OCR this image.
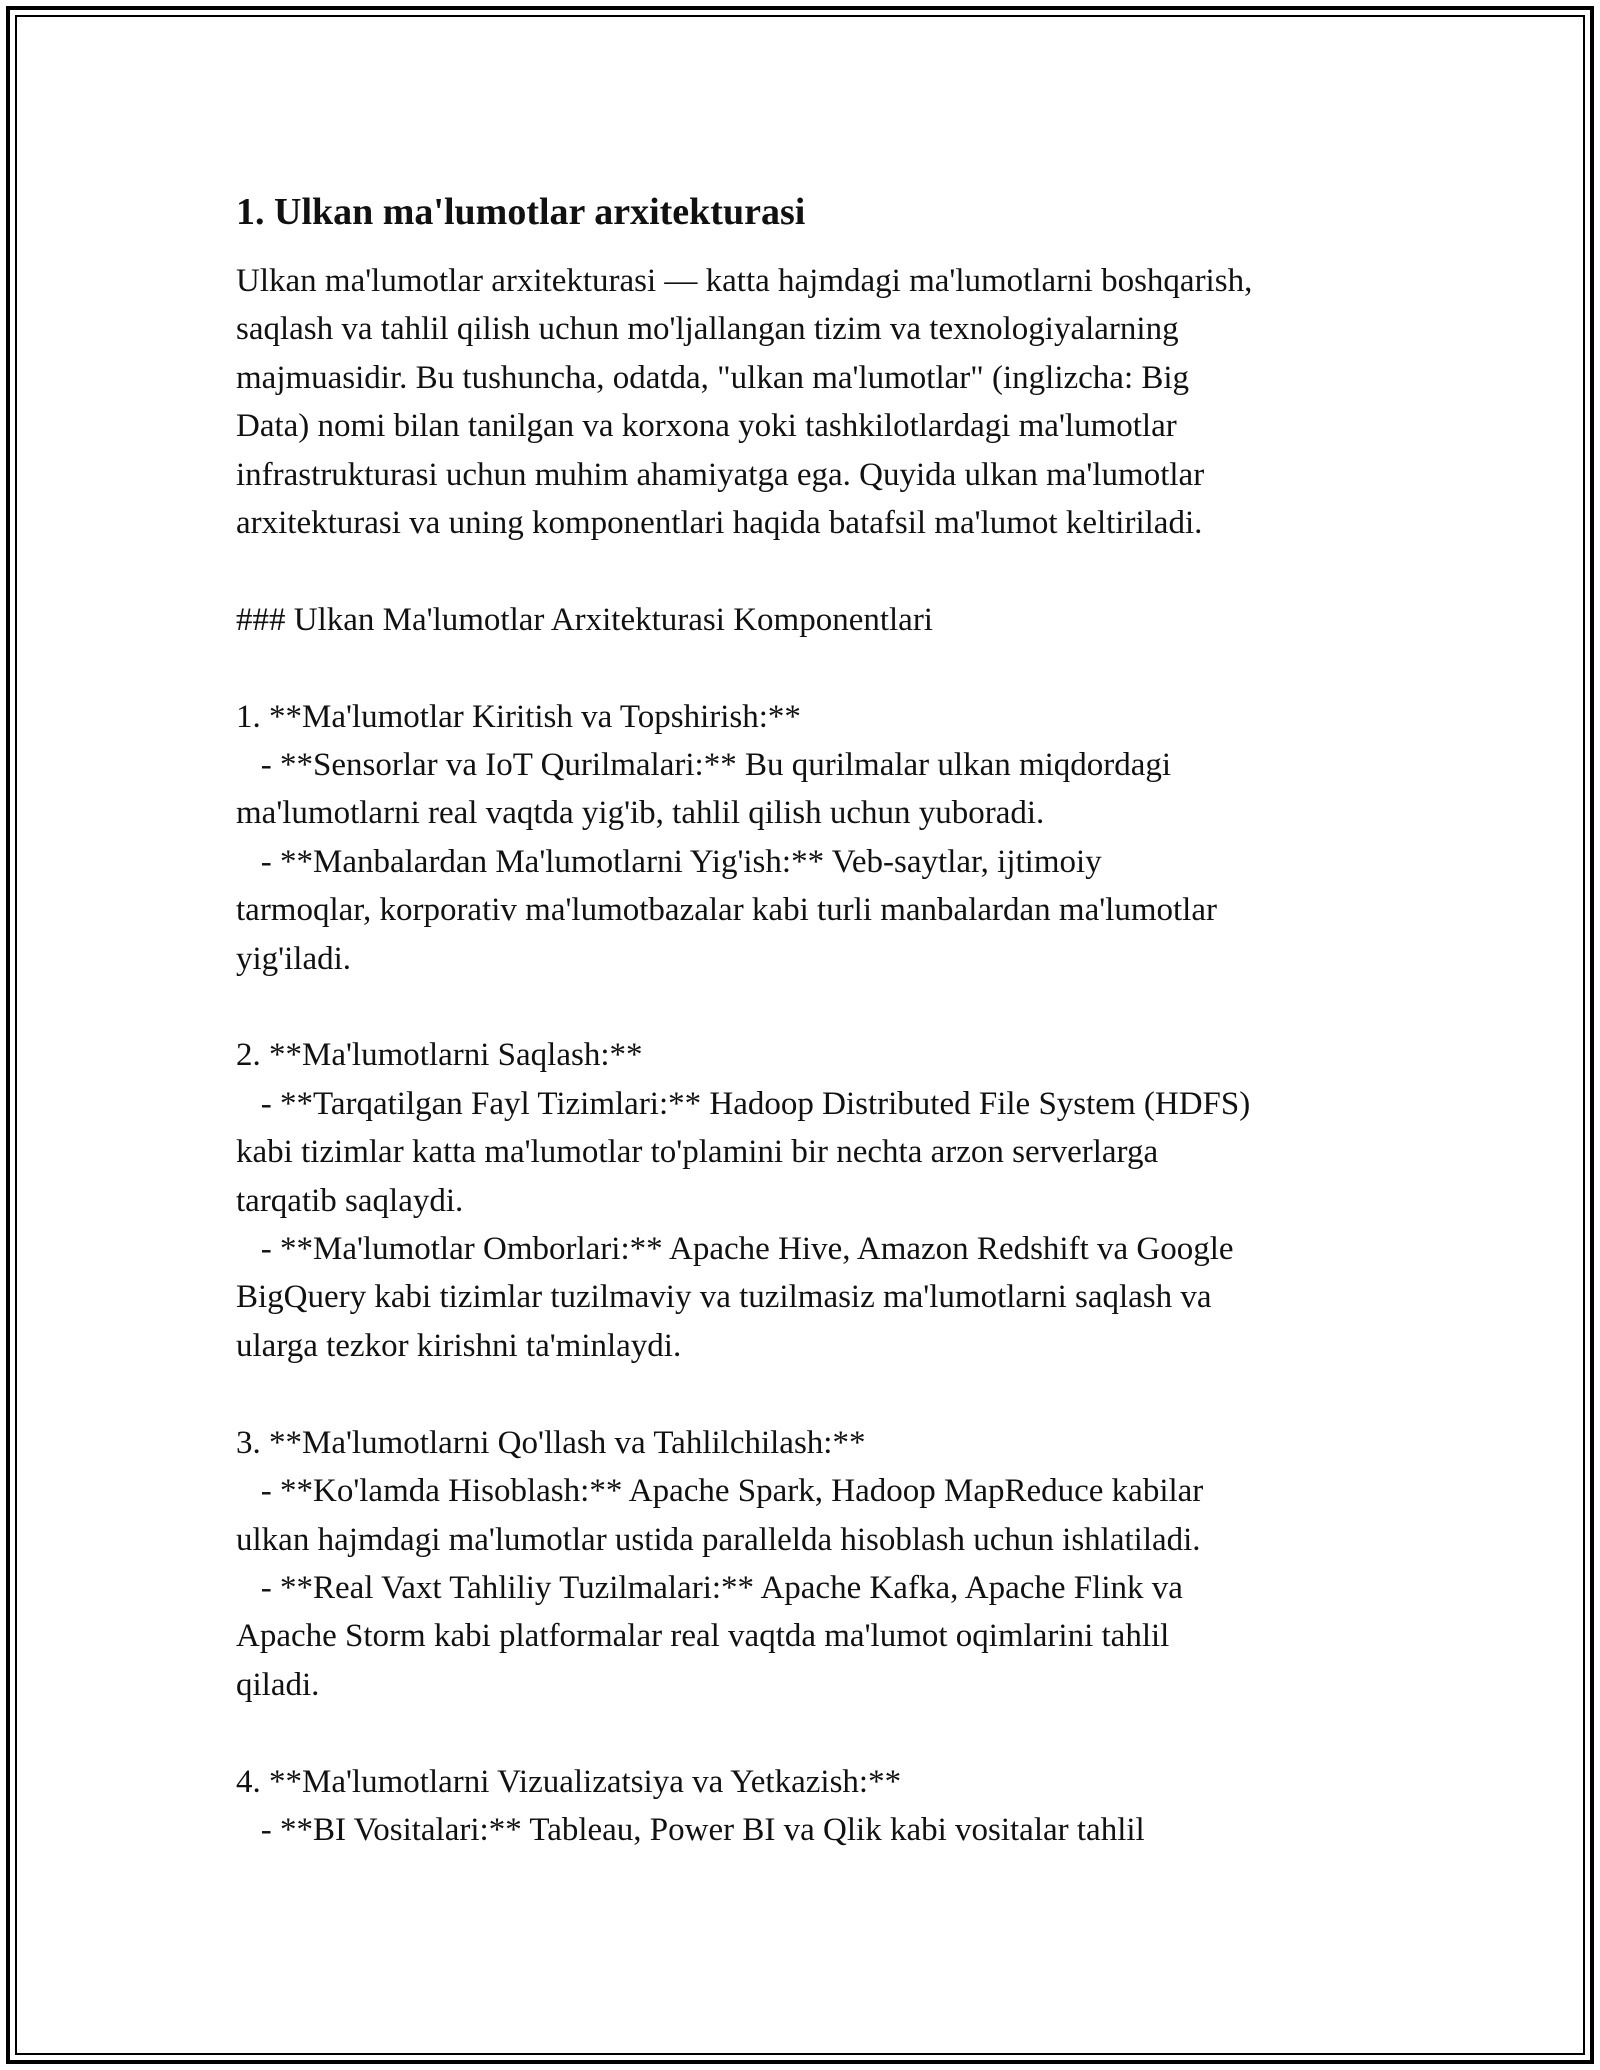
1. Ulkan ma'lumotlar arxitekturasi
Ulkan ma'lumotlar arxitekturasi — katta hajmdagi ma'lumotlarni boshqarish,
saqlash va tahlil qilish uchun mo'ljallangan tizim va texnologiyalarning
majmuasidir. Bu tushuncha, odatda, "ulkan ma'lumotlar" (inglizcha: Big
Data) nomi bilan tanilgan va korxona yoki tashkilotlardagi ma'lumotlar
infrastrukturasi uchun muhim ahamiyatga ega. Quyida ulkan ma'lumotlar
arxitekturasi va uning komponentlari haqida batafsil ma'lumot keltiriladi.
### Ulkan Ma'lumotlar Arxitekturasi Komponentlari
1. **Ma'lumotlar Kiritish va Topshirish:**
- **Sensorlar va IoT Qurilmalari:** Bu qurilmalar ulkan miqdordagi
ma'lumotlarni real vaqtda yig'ib, tahlil qilish uchun yuboradi.
- **Manbalardan Ma'lumotlarni Yig'ish:** Veb-saytlar, ijtimoiy
tarmoqlar, korporativ ma'lumotbazalar kabi turli manbalardan ma'lumotlar
yig'iladi.
2. **Ma'lumotlarni Saqlash:**
- **Tarqatilgan Fayl Tizimlari:** Hadoop Distributed File System (HDFS)
kabi tizimlar katta ma'lumotlar to'plamini bir nechta arzon serverlarga
tarqatib saqlaydi.
- **Ma'lumotlar Omborlari:** Apache Hive, Amazon Redshift va Google
BigQuery kabi tizimlar tuzilmaviy va tuzilmasiz ma'lumotlarni saqlash va
ularga tezkor kirishni ta'minlaydi.
3. **Ma'lumotlarni Qo'llash va Tahlilchilash:**
- **Ko'lamda Hisoblash:** Apache Spark, Hadoop MapReduce kabilar
ulkan hajmdagi ma'lumotlar ustida parallelda hisoblash uchun ishlatiladi.
- **Real Vaxt Tahliliy Tuzilmalari:** Apache Kafka, Apache Flink va
Apache Storm kabi platformalar real vaqtda ma'lumot oqimlarini tahlil
qiladi.
4. **Ma'lumotlarni Vizualizatsiya va Yetkazish:**
- **BI Vositalari:** Tableau, Power BI va Qlik kabi vositalar tahlil
